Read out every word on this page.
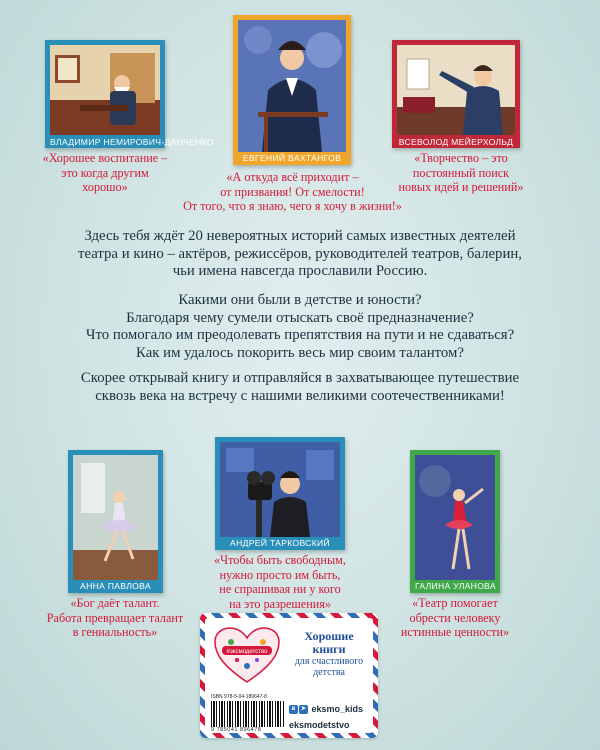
ВЛАДИМИР НЕМИРОВИЧ-ДАНЧЕНКО
ЕВГЕНИЙ ВАХТАНГОВ
ВСЕВОЛОД МЕЙЕРХОЛЬД
«Хорошее воспитание –
это когда другим
хорошо»
«А откуда всё приходит –
от призвания! От смелости!
От того, что я знаю, чего я хочу в жизни!»
«Творчество – это
постоянный поиск
новых идей и решений»
Здесь тебя ждёт 20 невероятных историй самых известных деятелей
театра и кино – актёров, режиссёров, руководителей театров, балерин,
чьи имена навсегда прославили Россию.
Какими они были в детстве и юности?
Благодаря чему сумели отыскать своё предназначение?
Что помогало им преодолевать препятствия на пути и не сдаваться?
Как им удалось покорить весь мир своим талантом?
Скорее открывай книгу и отправляйся в захватывающее путешествие
сквозь века на встречу с нашими великими соотечественниками!
АННА ПАВЛОВА
АНДРЕЙ ТАРКОВСКИЙ
ГАЛИНА УЛАНОВА
«Чтобы быть свободным,
нужно просто им быть,
не спрашивая ни у кого
на это разрешения»
«Бог даёт талант.
Работа превращает талант
в гениальность»
«Театр помогает
обрести человеку
истинные ценности»
#эксмодетство
Хорошие
книги
для счастливого
детства
ISBN 978-5-04-189647-8
9 785041 896478
в ➤ eksmo_kids
eksmodetstvo
